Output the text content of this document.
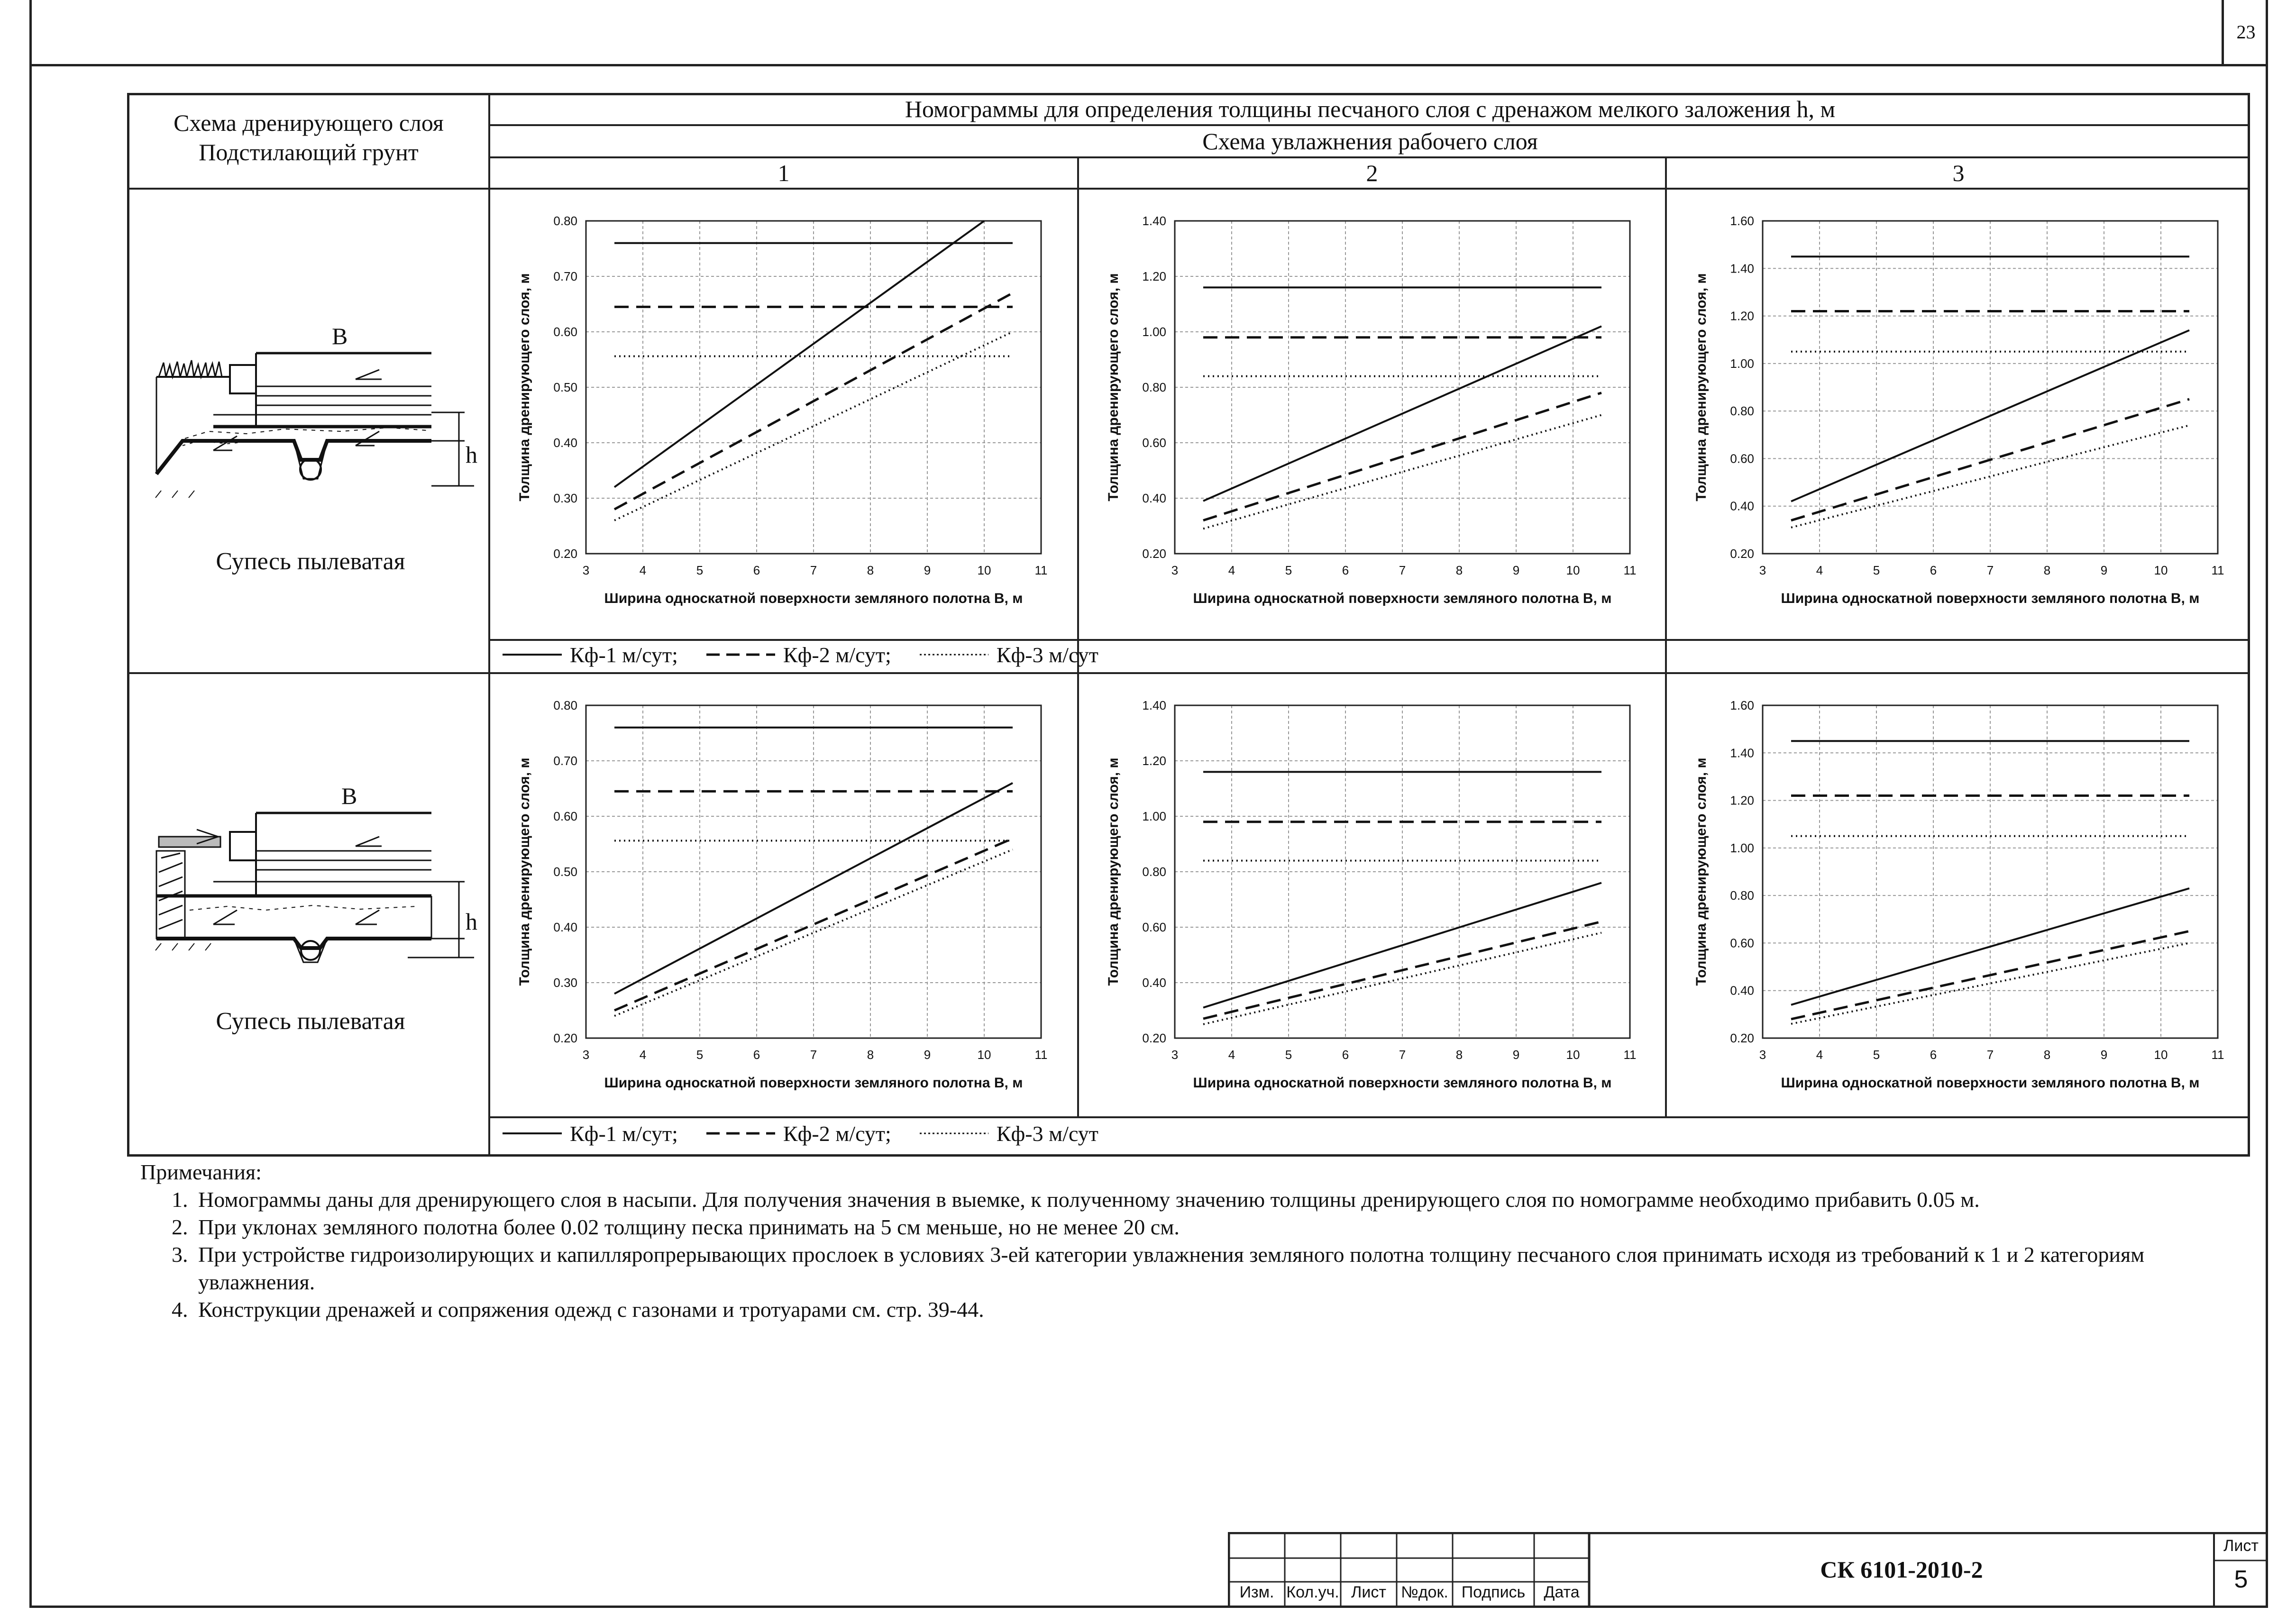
23
Схема дренирующего слоя
Подстилающий грунт
Номограммы для определения толщины песчаного слоя с дренажом мелкого заложения h, м
Схема увлажнения рабочего слоя
1	2	3
B
h
Супесь пылеватая
B
h
Супесь пылеватая
3	4	5	6	7	8	9	10	11
0.20
0.30
0.40
0.50
0.60
0.70
0.80
Ширина односкатной поверхности земляного полотна B, м
Толщина дренирующего слоя, м
3	4	5	6	7	8	9	10	11
0.20
0.40
0.60
0.80
1.00
1.20
1.40
Ширина односкатной поверхности земляного полотна B, м
Толщина дренирующего слоя, м
3	4	5	6	7	8	9	10	11
0.20
0.40
0.60
0.80
1.00
1.20
1.40
1.60
Ширина односкатной поверхности земляного полотна B, м
Толщина дренирующего слоя, м
3	4	5	6	7	8	9	10	11
0.20
0.30
0.40
0.50
0.60
0.70
0.80
Ширина односкатной поверхности земляного полотна B, м
Толщина дренирующего слоя, м
3	4	5	6	7	8	9	10	11
0.20
0.40
0.60
0.80
1.00
1.20
1.40
Ширина односкатной поверхности земляного полотна B, м
Толщина дренирующего слоя, м
3	4	5	6	7	8	9	10	11
0.20
0.40
0.60
0.80
1.00
1.20
1.40
1.60
Ширина односкатной поверхности земляного полотна B, м
Толщина дренирующего слоя, м
Кф-1 м/сут;	Кф-2 м/сут;	Кф-3 м/сут
Кф-1 м/сут;	Кф-2 м/сут;	Кф-3 м/сут
Примечания:
1. Номограммы даны для дренирующего слоя в насыпи. Для получения значения в выемке, к полученному значению толщины дренирующего слоя по номограмме необходимо прибавить 0.05 м.
2. При уклонах земляного полотна более 0.02 толщину песка принимать на 5 см меньше, но не менее 20 см.
3. При устройстве гидроизолирующих и капилляропрерывающих прослоек в условиях 3-ей категории увлажнения земляного полотна толщину песчаного слоя принимать исходя из требований к 1 и 2 категориям увлажнения.
4. Конструкции дренажей и сопряжения одежд с газонами и тротуарами см. стр. 39-44.
Изм. Кол.уч. Лист №док. Подпись	Дата
СК 6101-2010-2
Лист
5
